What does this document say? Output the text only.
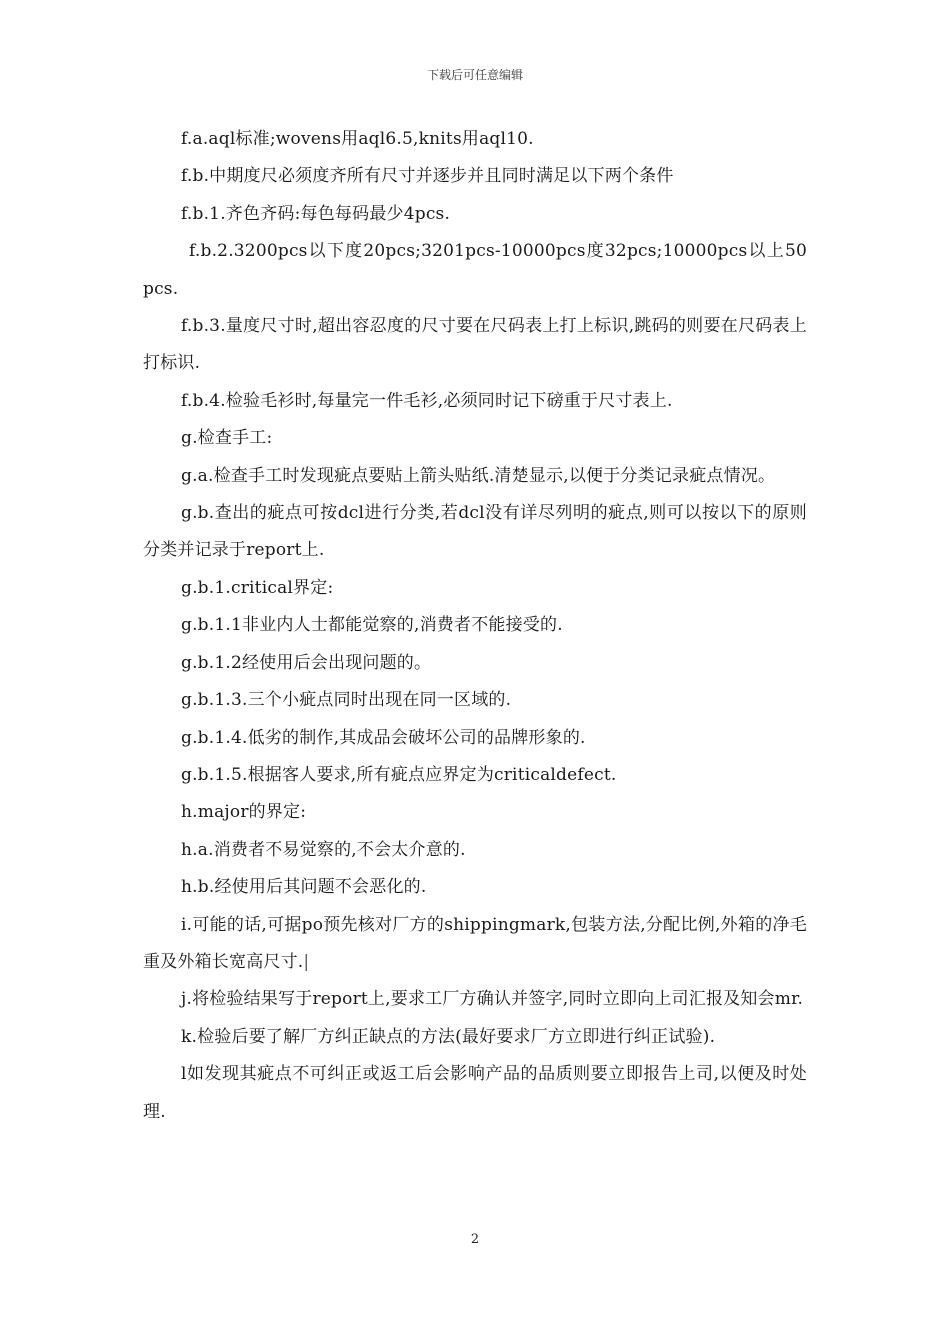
下载后可任意编辑

f.a.aql标准;wovens用aql6.5,knits用aql10.

f.b.中期度尺必须度齐所有尺寸并逐步并且同时满足以下两个条件

f.b.1.齐色齐码:每色每码最少4pcs.

f.b.2.3200pcs以下度20pcs;3201pcs-10000pcs度32pcs;10000pcs以上50pcs.

f.b.3.量度尺寸时,超出容忍度的尺寸要在尺码表上打上标识,跳码的则要在尺码表上打标识.

f.b.4.检验毛衫时,每量完一件毛衫,必须同时记下磅重于尺寸表上.

g.检查手工:

g.a.检查手工时发现疵点要贴上箭头贴纸.清楚显示,以便于分类记录疵点情况。

g.b.查出的疵点可按dcl进行分类,若dcl没有详尽列明的疵点,则可以按以下的原则分类并记录于report上.

g.b.1.critical界定:

g.b.1.1非业内人士都能觉察的,消费者不能接受的.

g.b.1.2经使用后会出现问题的。

g.b.1.3.三个小疵点同时出现在同一区域的.

g.b.1.4.低劣的制作,其成品会破坏公司的品牌形象的.

g.b.1.5.根据客人要求,所有疵点应界定为criticaldefect.

h.major的界定:

h.a.消费者不易觉察的,不会太介意的.

h.b.经使用后其问题不会恶化的.

i.可能的话,可据po预先核对厂方的shippingmark,包装方法,分配比例,外箱的净毛重及外箱长宽高尺寸.|

j.将检验结果写于report上,要求工厂方确认并签字,同时立即向上司汇报及知会mr.

k.检验后要了解厂方纠正缺点的方法(最好要求厂方立即进行纠正试验).

l如发现其疵点不可纠正或返工后会影响产品的品质则要立即报告上司,以便及时处理.

2
